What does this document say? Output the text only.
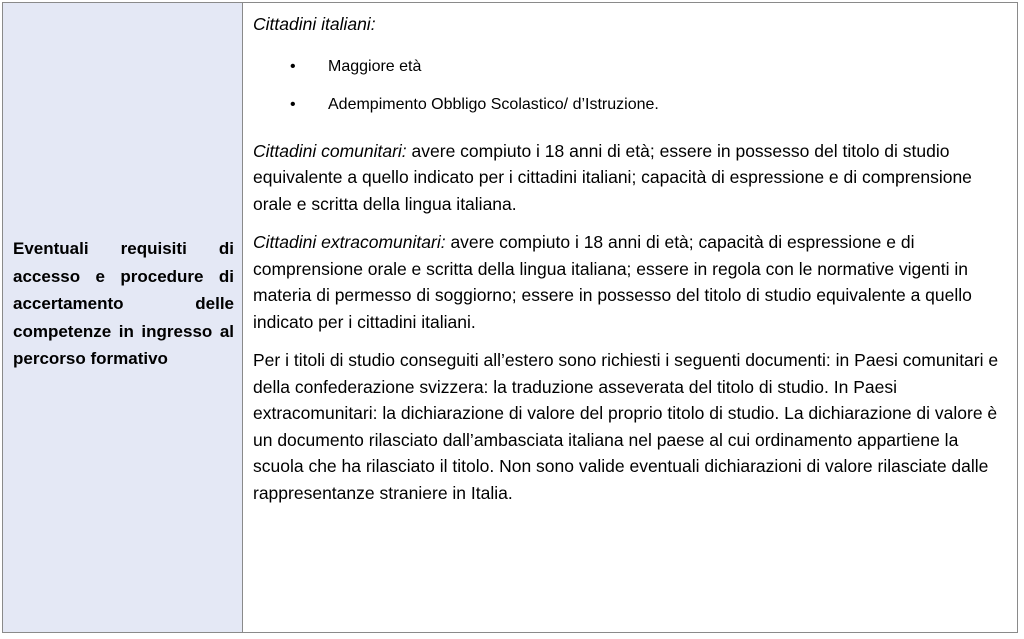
Eventuali requisiti di accesso e procedure di accertamento delle competenze in ingresso al percorso formativo

Cittadini italiani:

• Maggiore età
• Adempimento Obbligo Scolastico/ d’Istruzione.

Cittadini comunitari: avere compiuto i 18 anni di età; essere in possesso del titolo di studio equivalente a quello indicato per i cittadini italiani; capacità di espressione e di comprensione orale e scritta della lingua italiana.

Cittadini extracomunitari: avere compiuto i 18 anni di età; capacità di espressione e di comprensione orale e scritta della lingua italiana; essere in regola con le normative vigenti in materia di permesso di soggiorno; essere in possesso del titolo di studio equivalente a quello indicato per i cittadini italiani.

Per i titoli di studio conseguiti all’estero sono richiesti i seguenti documenti: in Paesi comunitari e della confederazione svizzera: la traduzione asseverata del titolo di studio. In Paesi extracomunitari: la dichiarazione di valore del proprio titolo di studio. La dichiarazione di valore è un documento rilasciato dall’ambasciata italiana nel paese al cui ordinamento appartiene la scuola che ha rilasciato il titolo. Non sono valide eventuali dichiarazioni di valore rilasciate dalle rappresentanze straniere in Italia.
